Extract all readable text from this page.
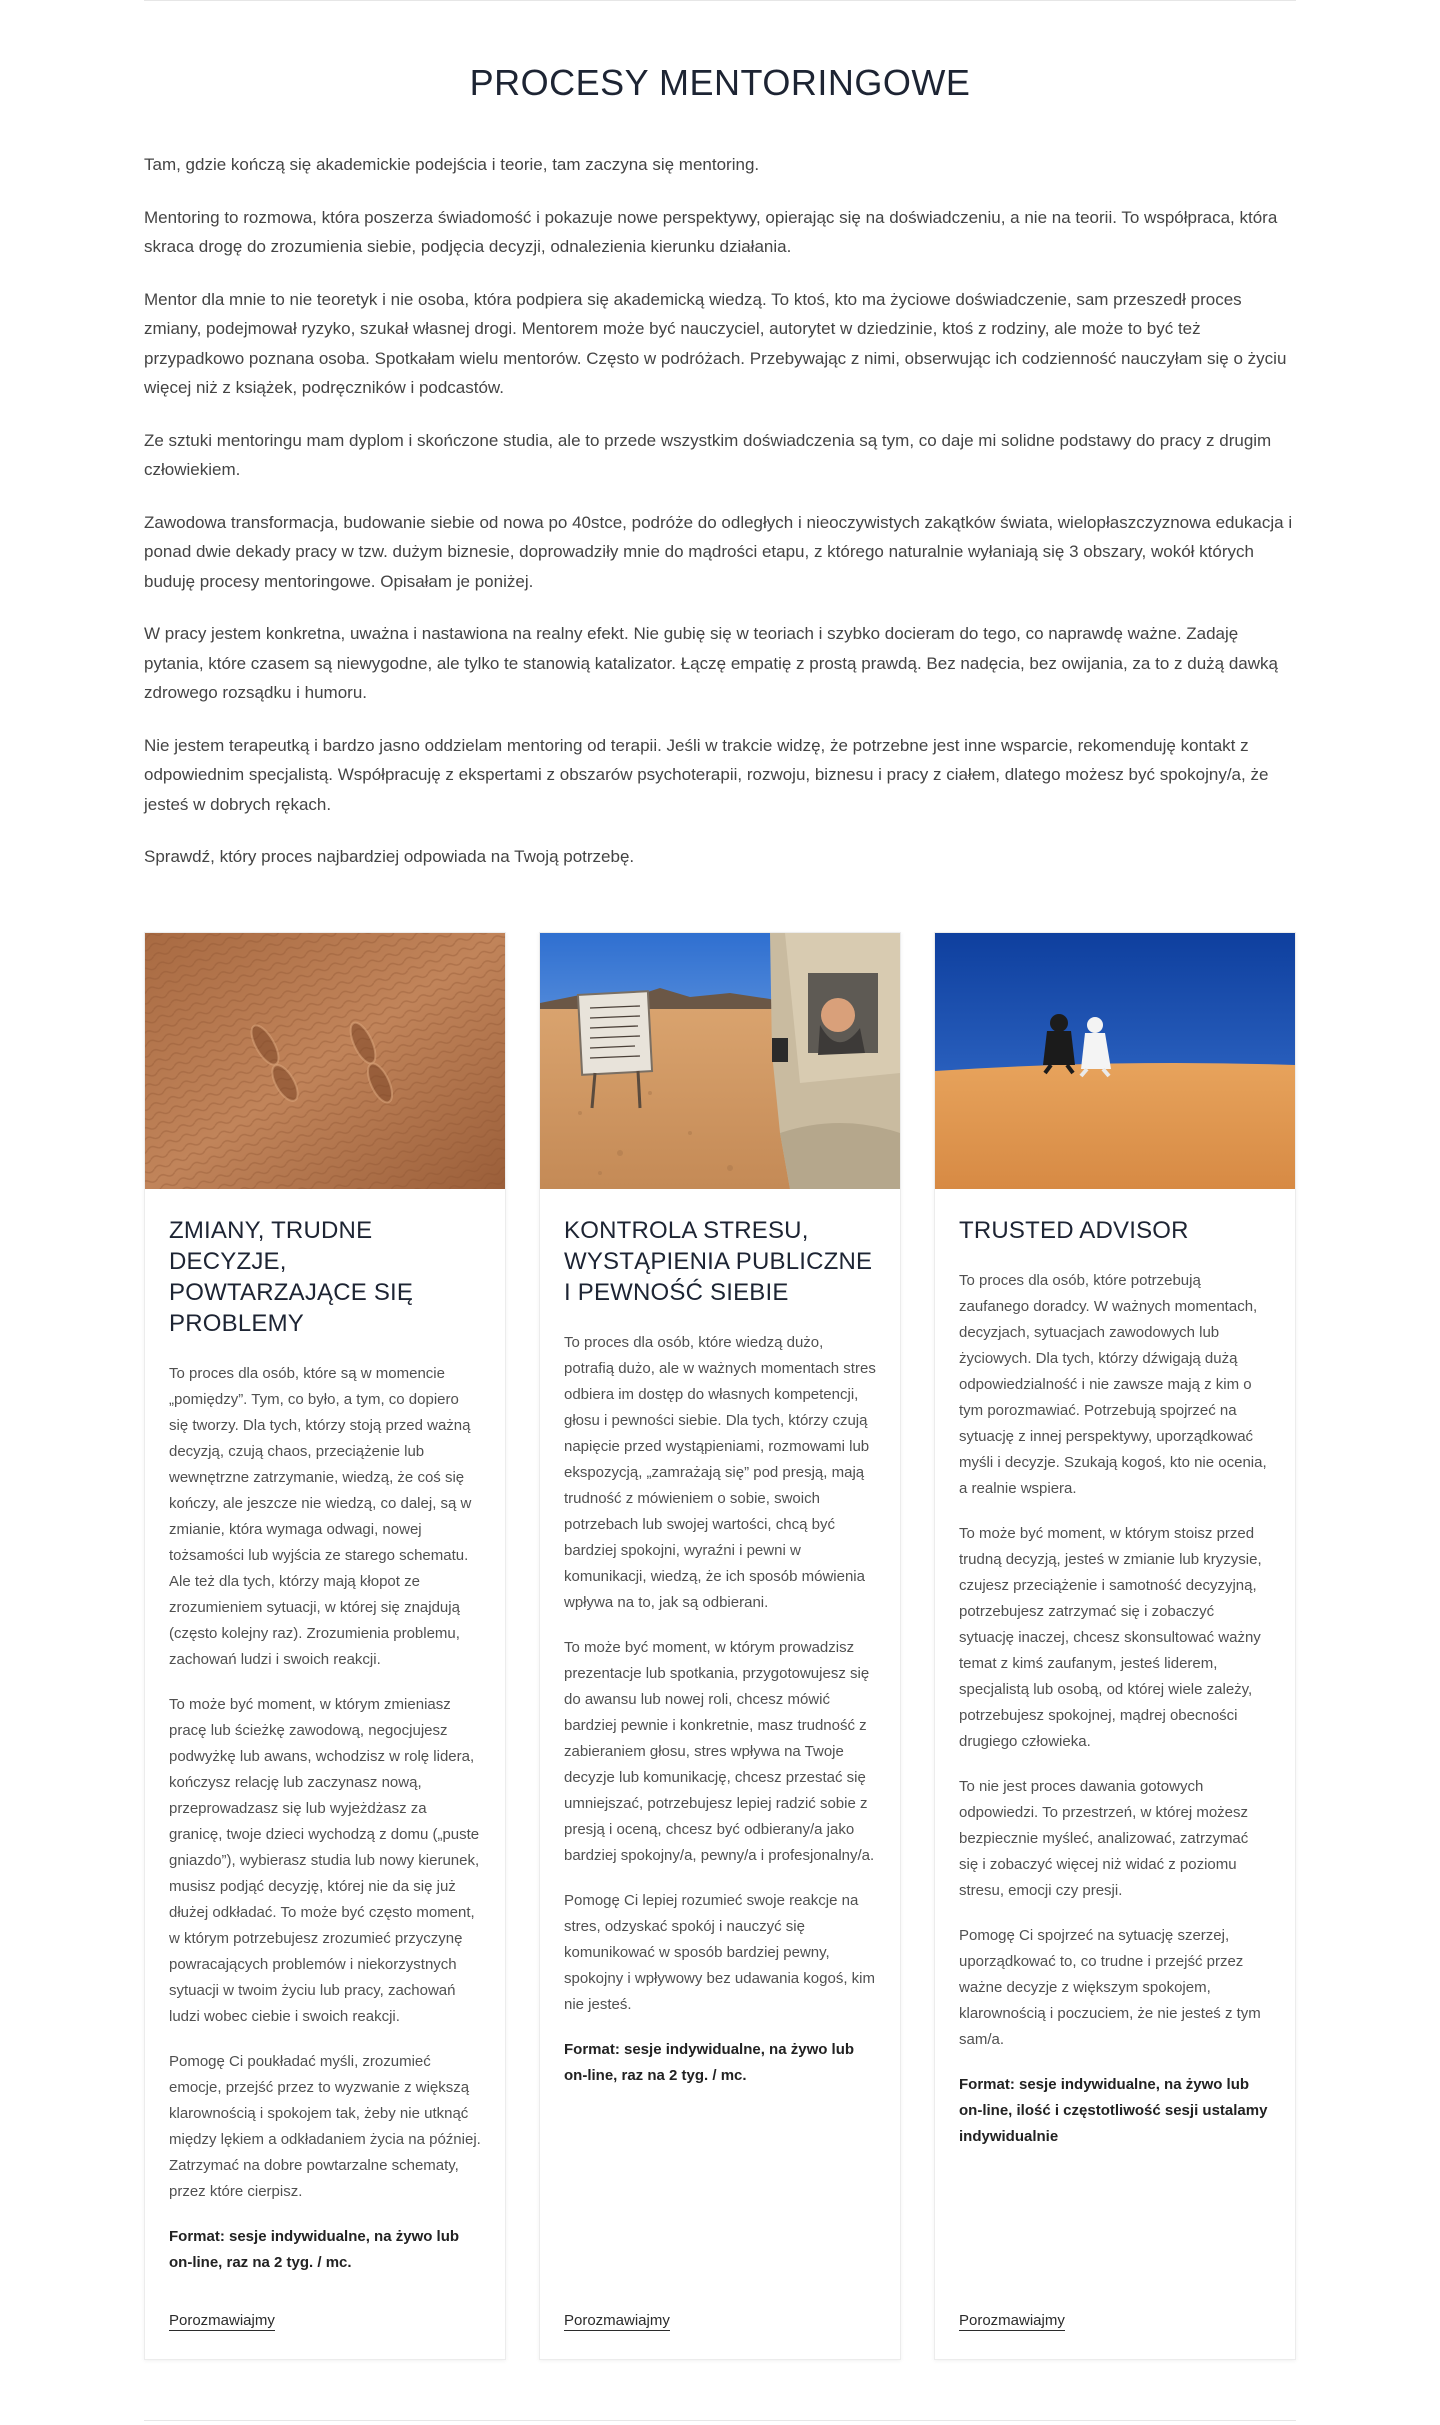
PROCESY MENTORINGOWE

Tam, gdzie kończą się akademickie podejścia i teorie, tam zaczyna się mentoring.

Mentoring to rozmowa, która poszerza świadomość i pokazuje nowe perspektywy, opierając się na doświadczeniu, a nie na teorii. To współpraca, która skraca drogę do zrozumienia siebie, podjęcia decyzji, odnalezienia kierunku działania.

Mentor dla mnie to nie teoretyk i nie osoba, która podpiera się akademicką wiedzą. To ktoś, kto ma życiowe doświadczenie, sam przeszedł proces zmiany, podejmował ryzyko, szukał własnej drogi. Mentorem może być nauczyciel, autorytet w dziedzinie, ktoś z rodziny, ale może to być też przypadkowo poznana osoba. Spotkałam wielu mentorów. Często w podróżach. Przebywając z nimi, obserwując ich codzienność nauczyłam się o życiu więcej niż z książek, podręczników i podcastów.

Ze sztuki mentoringu mam dyplom i skończone studia, ale to przede wszystkim doświadczenia są tym, co daje mi solidne podstawy do pracy z drugim człowiekiem.

Zawodowa transformacja, budowanie siebie od nowa po 40stce, podróże do odległych i nieoczywistych zakątków świata, wielopłaszczyznowa edukacja i ponad dwie dekady pracy w tzw. dużym biznesie, doprowadziły mnie do mądrości etapu, z którego naturalnie wyłaniają się 3 obszary, wokół których buduję procesy mentoringowe. Opisałam je poniżej.

W pracy jestem konkretna, uważna i nastawiona na realny efekt. Nie gubię się w teoriach i szybko docieram do tego, co naprawdę ważne. Zadaję pytania, które czasem są niewygodne, ale tylko te stanowią katalizator. Łączę empatię z prostą prawdą. Bez nadęcia, bez owijania, za to z dużą dawką zdrowego rozsądku i humoru.

Nie jestem terapeutką i bardzo jasno oddzielam mentoring od terapii. Jeśli w trakcie widzę, że potrzebne jest inne wsparcie, rekomenduję kontakt z odpowiednim specjalistą. Współpracuję z ekspertami z obszarów psychoterapii, rozwoju, biznesu i pracy z ciałem, dlatego możesz być spokojny/a, że jesteś w dobrych rękach.

Sprawdź, który proces najbardziej odpowiada na Twoją potrzebę.

ZMIANY, TRUDNE DECYZJE, POWTARZAJĄCE SIĘ PROBLEMY

To proces dla osób, które są w momencie „pomiędzy”. Tym, co było, a tym, co dopiero się tworzy. Dla tych, którzy stoją przed ważną decyzją, czują chaos, przeciążenie lub wewnętrzne zatrzymanie, wiedzą, że coś się kończy, ale jeszcze nie wiedzą, co dalej, są w zmianie, która wymaga odwagi, nowej tożsamości lub wyjścia ze starego schematu. Ale też dla tych, którzy mają kłopot ze zrozumieniem sytuacji, w której się znajdują (często kolejny raz). Zrozumienia problemu, zachowań ludzi i swoich reakcji.

To może być moment, w którym zmieniasz pracę lub ścieżkę zawodową, negocjujesz podwyżkę lub awans, wchodzisz w rolę lidera, kończysz relację lub zaczynasz nową, przeprowadzasz się lub wyjeżdżasz za granicę, twoje dzieci wychodzą z domu („puste gniazdo”), wybierasz studia lub nowy kierunek, musisz podjąć decyzję, której nie da się już dłużej odkładać. To może być często moment, w którym potrzebujesz zrozumieć przyczynę powracających problemów i niekorzystnych sytuacji w twoim życiu lub pracy, zachowań ludzi wobec ciebie i swoich reakcji.

Pomogę Ci poukładać myśli, zrozumieć emocje, przejść przez to wyzwanie z większą klarownością i spokojem tak, żeby nie utknąć między lękiem a odkładaniem życia na później. Zatrzymać na dobre powtarzalne schematy, przez które cierpisz.

Format: sesje indywidualne, na żywo lub on-line, raz na 2 tyg. / mc.

Porozmawiajmy
KONTROLA STRESU, WYSTĄPIENIA PUBLICZNE I PEWNOŚĆ SIEBIE

To proces dla osób, które wiedzą dużo, potrafią dużo, ale w ważnych momentach stres odbiera im dostęp do własnych kompetencji, głosu i pewności siebie. Dla tych, którzy czują napięcie przed wystąpieniami, rozmowami lub ekspozycją, „zamrażają się” pod presją, mają trudność z mówieniem o sobie, swoich potrzebach lub swojej wartości, chcą być bardziej spokojni, wyraźni i pewni w komunikacji, wiedzą, że ich sposób mówienia wpływa na to, jak są odbierani.

To może być moment, w którym prowadzisz prezentacje lub spotkania, przygotowujesz się do awansu lub nowej roli, chcesz mówić bardziej pewnie i konkretnie, masz trudność z zabieraniem głosu, stres wpływa na Twoje decyzje lub komunikację, chcesz przestać się umniejszać, potrzebujesz lepiej radzić sobie z presją i oceną, chcesz być odbierany/a jako bardziej spokojny/a, pewny/a i profesjonalny/a.

Pomogę Ci lepiej rozumieć swoje reakcje na stres, odzyskać spokój i nauczyć się komunikować w sposób bardziej pewny, spokojny i wpływowy bez udawania kogoś, kim nie jesteś.

Format: sesje indywidualne, na żywo lub on-line, raz na 2 tyg. / mc.

Porozmawiajmy
TRUSTED ADVISOR

To proces dla osób, które potrzebują zaufanego doradcy. W ważnych momentach, decyzjach, sytuacjach zawodowych lub życiowych. Dla tych, którzy dźwigają dużą odpowiedzialność i nie zawsze mają z kim o tym porozmawiać. Potrzebują spojrzeć na sytuację z innej perspektywy, uporządkować myśli i decyzje. Szukają kogoś, kto nie ocenia, a realnie wspiera.

To może być moment, w którym stoisz przed trudną decyzją, jesteś w zmianie lub kryzysie, czujesz przeciążenie i samotność decyzyjną, potrzebujesz zatrzymać się i zobaczyć sytuację inaczej, chcesz skonsultować ważny temat z kimś zaufanym, jesteś liderem, specjalistą lub osobą, od której wiele zależy, potrzebujesz spokojnej, mądrej obecności drugiego człowieka.

To nie jest proces dawania gotowych odpowiedzi. To przestrzeń, w której możesz bezpiecznie myśleć, analizować, zatrzymać się i zobaczyć więcej niż widać z poziomu stresu, emocji czy presji.

Pomogę Ci spojrzeć na sytuację szerzej, uporządkować to, co trudne i przejść przez ważne decyzje z większym spokojem, klarownością i poczuciem, że nie jesteś z tym sam/a.

Format: sesje indywidualne, na żywo lub on-line, ilość i częstotliwość sesji ustalamy indywidualnie

Porozmawiajmy
